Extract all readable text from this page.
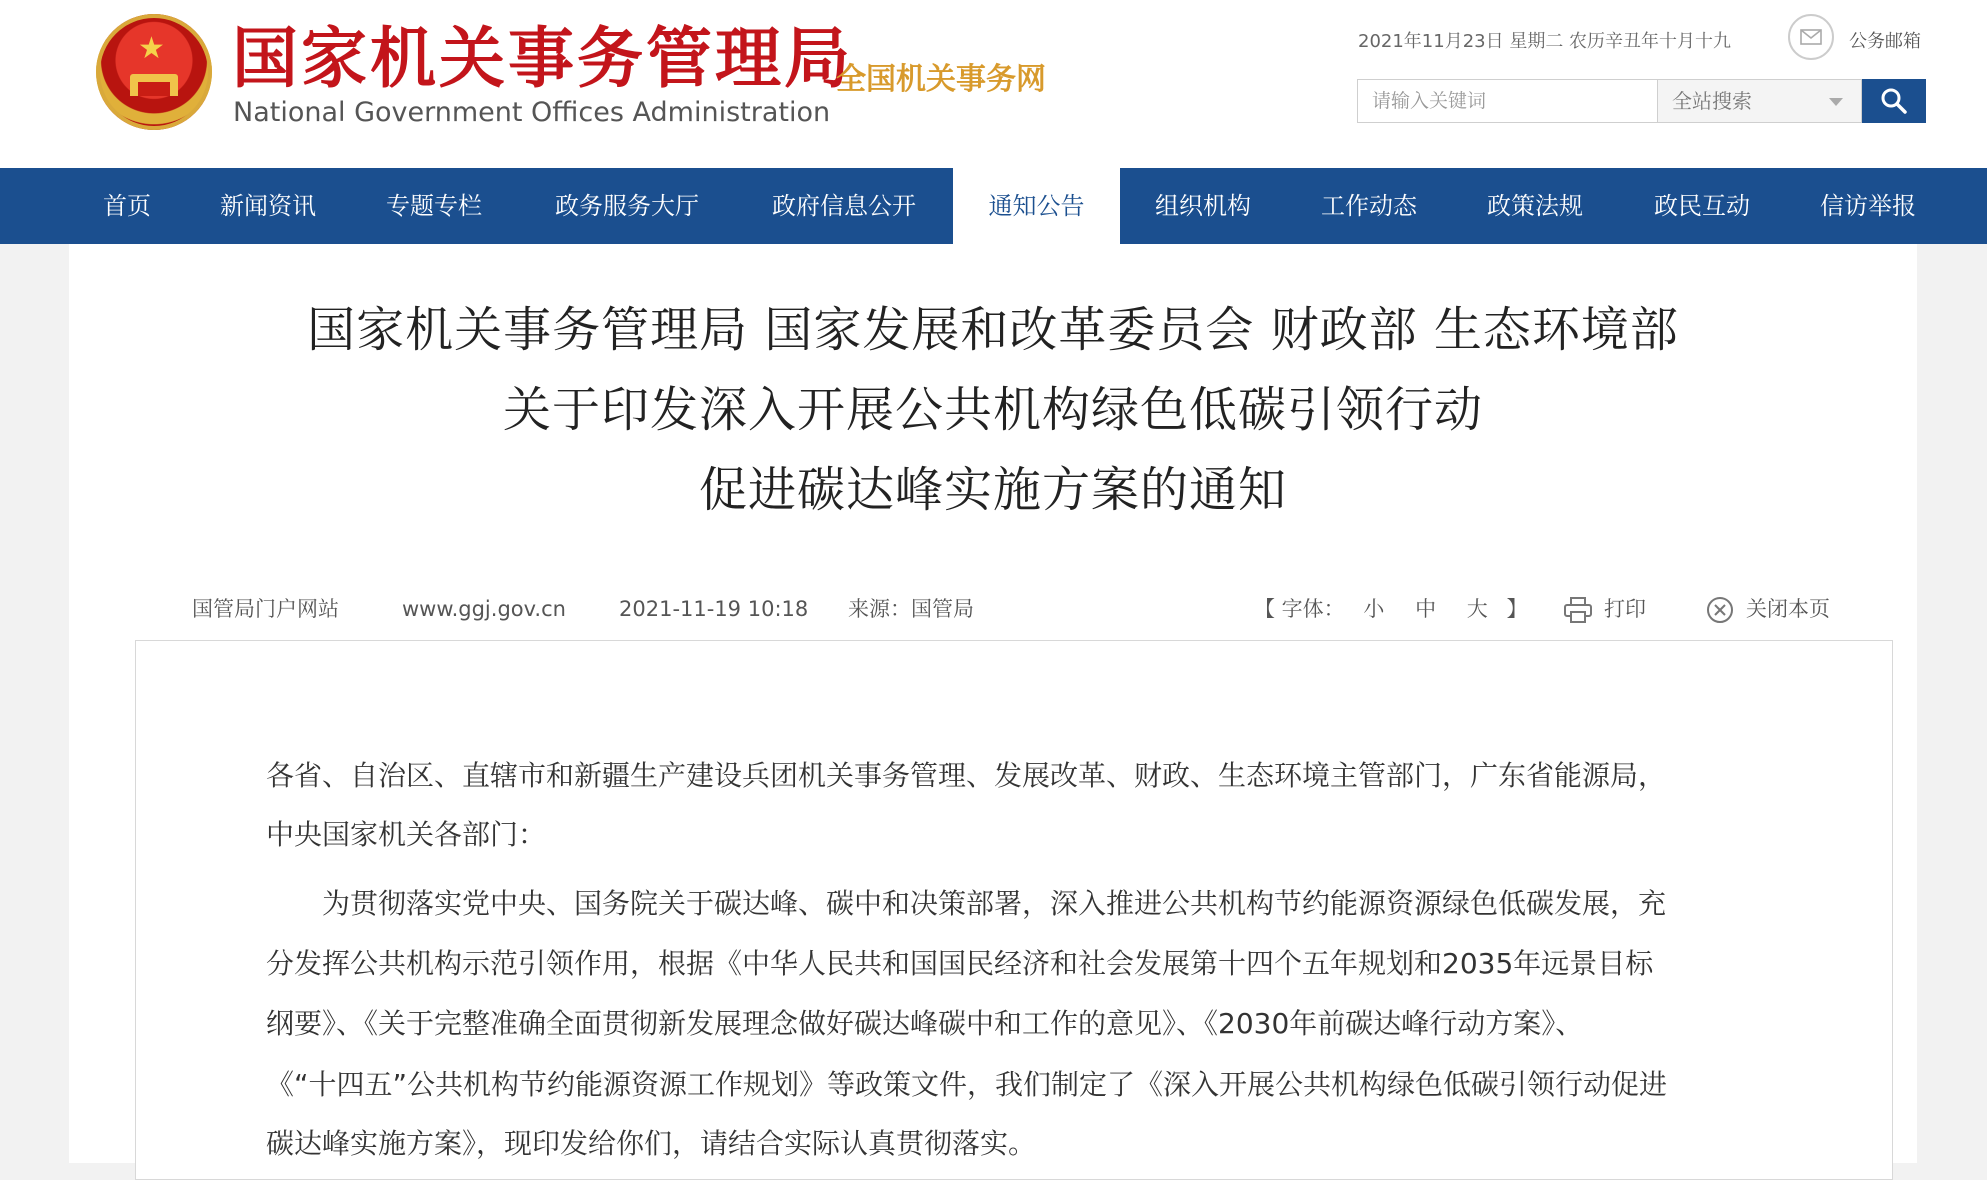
★ 国家机关事务管理局
National Government Offices Administration
全国机关事务网
2021年11月23日 星期二 农历辛丑年十月十九	公务邮箱
请输入关键词
全站搜索
首页	新闻资讯	专题专栏	政务服务大厅	政府信息公开	通知公告	组织机构	工作动态	政策法规	政民互动	信访举报
国家机关事务管理局 国家发展和改革委员会 财政部 生态环境部
关于印发深入开展公共机构绿色低碳引领行动
促进碳达峰实施方案的通知
国管局门户网站	www.ggj.gov.cn	2021-11-19 10:18 来源：国管局	【 字体： 小 中 大 】	打印	关闭本页
各省、自治区、直辖市和新疆生产建设兵团机关事务管理、发展改革、财政、生态环境主管部门，广东省能源局，
中央国家机关各部门：
　　为贯彻落实党中央、国务院关于碳达峰、碳中和决策部署，深入推进公共机构节约能源资源绿色低碳发展，充
分发挥公共机构示范引领作用，根据《中华人民共和国国民经济和社会发展第十四个五年规划和2035年远景目标
纲要》、《关于完整准确全面贯彻新发展理念做好碳达峰碳中和工作的意见》、《2030年前碳达峰行动方案》、
《“十四五”公共机构节约能源资源工作规划》等政策文件，我们制定了《深入开展公共机构绿色低碳引领行动促进
碳达峰实施方案》，现印发给你们，请结合实际认真贯彻落实。
